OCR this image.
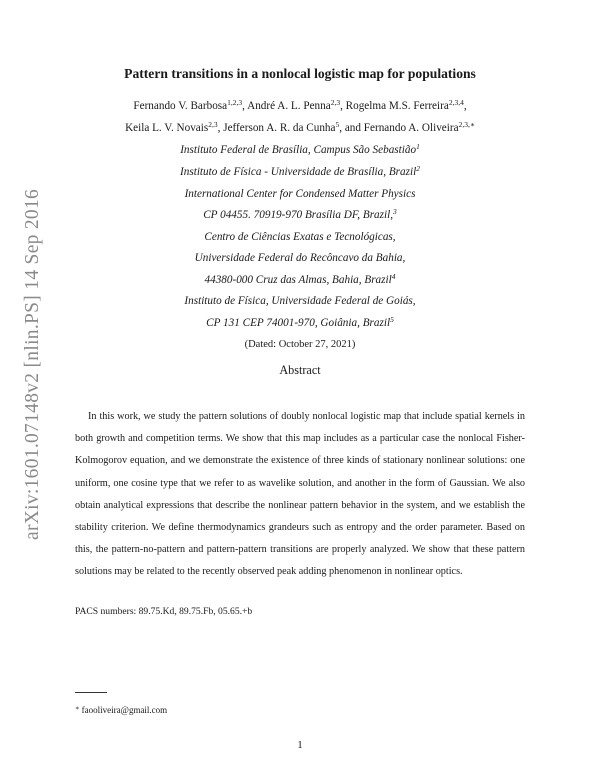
arXiv:1601.07148v2 [nlin.PS] 14 Sep 2016
Pattern transitions in a nonlocal logistic map for populations
Fernando V. Barbosa$^{1,2,3}$, André A. L. Penna$^{2,3}$, Rogelma M.S. Ferreira$^{2,3,4}$,
Keila L. V. Novais$^{2,3}$, Jefferson A. R. da Cunha$^5$, and Fernando A. Oliveira$^{2,3,∗}$
Instituto Federal de Brasília, Campus São Sebastião$^1$
Instituto de Física - Universidade de Brasília, Brazil$^2$
International Center for Condensed Matter Physics
CP 04455. 70919-970 Brasília DF, Brazil,$^3$
Centro de Ciências Exatas e Tecnológicas,
Universidade Federal do Recôncavo da Bahia,
44380-000 Cruz das Almas, Bahia, Brazil$^4$
Instituto de Física, Universidade Federal de Goiás,
CP 131 CEP 74001-970, Goiânia, Brazil$^5$
(Dated: October 27, 2021)
Abstract
In this work, we study the pattern solutions of doubly nonlocal logistic map that include spatial kernels in both growth and competition terms. We show that this map includes as a particular case the nonlocal Fisher-Kolmogorov equation, and we demonstrate the existence of three kinds of stationary nonlinear solutions: one uniform, one cosine type that we refer to as wavelike solution, and another in the form of Gaussian. We also obtain analytical expressions that describe the nonlinear pattern behavior in the system, and we establish the stability criterion. We define thermodynamics grandeurs such as entropy and the order parameter. Based on this, the pattern-no-pattern and pattern-pattern transitions are properly analyzed. We show that these pattern solutions may be related to the recently observed peak adding phenomenon in nonlinear optics.
PACS numbers: 89.75.Kd, 89.75.Fb, 05.65.+b
∗ faooliveira@gmail.com
1
